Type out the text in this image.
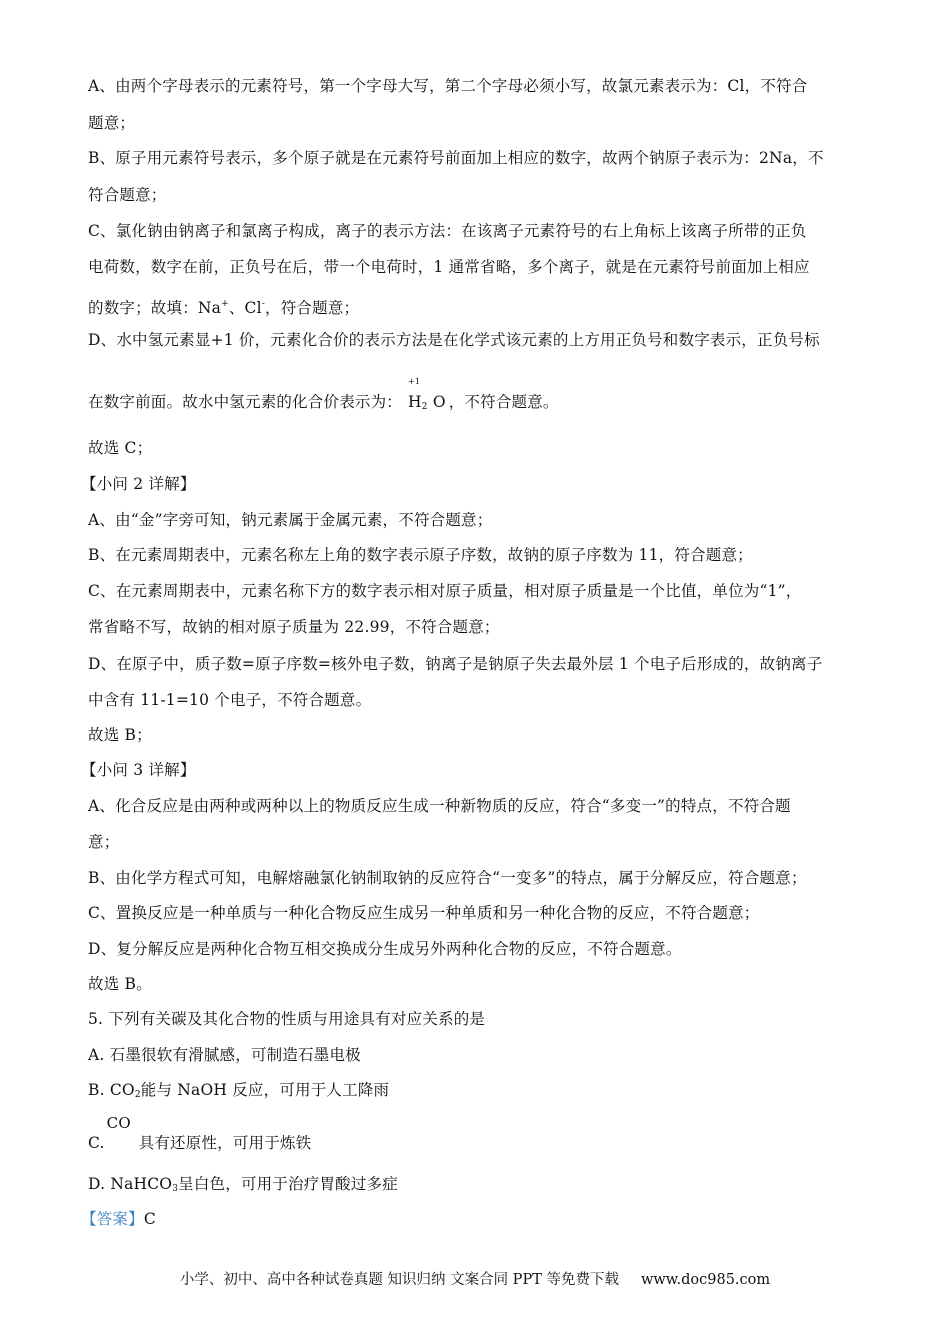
A、由两个字母表示的元素符号，第一个字母大写，第二个字母必须小写，故氯元素表示为：Cl，不符合
题意；
B、原子用元素符号表示，多个原子就是在元素符号前面加上相应的数字，故两个钠原子表示为：2Na，不
符合题意；
C、氯化钠由钠离子和氯离子构成，离子的表示方法：在该离子元素符号的右上角标上该离子所带的正负
电荷数，数字在前，正负号在后，带一个电荷时，1 通常省略，多个离子，就是在元素符号前面加上相应
的数字；故填：Na+、Cl-，符合题意；
D、水中氢元素显+1 价，元素化合价的表示方法是在化学式该元素的上方用正负号和数字表示，正负号标
在数字前面。故水中氢元素的化合价表示为：
+1
$H_2$ O ，不符合题意。
故选 C；
【小问 2 详解】
A、由“金”字旁可知，钠元素属于金属元素，不符合题意；
B、在元素周期表中，元素名称左上角的数字表示原子序数，故钠的原子序数为 11，符合题意；
C、在元素周期表中，元素名称下方的数字表示相对原子质量，相对原子质量是一个比值，单位为“1”，
常省略不写，故钠的相对原子质量为 22.99，不符合题意；
D、在原子中，质子数=原子序数=核外电子数，钠离子是钠原子失去最外层 1 个电子后形成的，故钠离子
中含有 11-1=10 个电子，不符合题意。
故选 B；
【小问 3 详解】
A、化合反应是由两种或两种以上的物质反应生成一种新物质的反应，符合“多变一”的特点，不符合题
意；
B、由化学方程式可知，电解熔融氯化钠制取钠的反应符合“一变多”的特点，属于分解反应，符合题意；
C、置换反应是一种单质与一种化合物反应生成另一种单质和另一种化合物的反应，不符合题意；
D、复分解反应是两种化合物互相交换成分生成另外两种化合物的反应，不符合题意。
故选 B。
5. 下列有关碳及其化合物的性质与用途具有对应关系的是
A. 石墨很软有滑腻感，可制造石墨电极
B. $CO_2$能与 NaOH 反应，可用于人工降雨
C.
CO
具有还原性，可用于炼铁
D. NaHCO$_3$呈白色，可用于治疗胃酸过多症
【答案】C
小学、初中、高中各种试卷真题 知识归纳 文案合同 PPT 等免费下载 www.doc985.com
